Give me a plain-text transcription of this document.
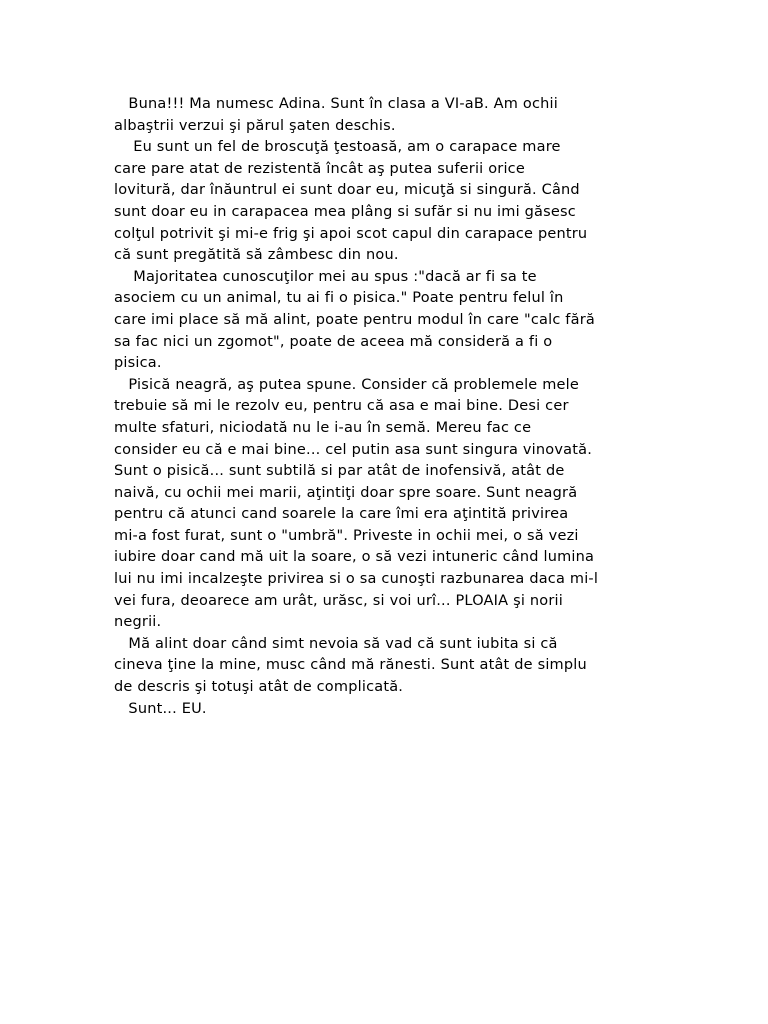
Buna!!! Ma numesc Adina. Sunt în clasa a VI-aB. Am ochii
albaştrii verzui şi părul şaten deschis.
Eu sunt un fel de broscuţă ţestoasă, am o carapace mare
care pare atat de rezistentă încât aş putea suferii orice
lovitură, dar înăuntrul ei sunt doar eu, micuţă si singură. Când
sunt doar eu in carapacea mea plâng si sufăr si nu imi găsesc
colţul potrivit şi mi-e frig şi apoi scot capul din carapace pentru
că sunt pregătită să zâmbesc din nou.
Majoritatea cunoscuţilor mei au spus :"dacă ar fi sa te
asociem cu un animal, tu ai fi o pisica." Poate pentru felul în
care imi place să mă alint, poate pentru modul în care "calc fără
sa fac nici un zgomot", poate de aceea mă consideră a fi o
pisica.
Pisică neagră, aş putea spune. Consider că problemele mele
trebuie să mi le rezolv eu, pentru că asa e mai bine. Desi cer
multe sfaturi, niciodată nu le i-au în semă. Mereu fac ce
consider eu că e mai bine... cel putin asa sunt singura vinovată.
Sunt o pisică... sunt subtilă si par atât de inofensivă, atât de
naivă, cu ochii mei marii, aţintiţi doar spre soare. Sunt neagră
pentru că atunci cand soarele la care îmi era aţintită privirea
mi-a fost furat, sunt o "umbră". Priveste in ochii mei, o să vezi
iubire doar cand mă uit la soare, o să vezi intuneric când lumina
lui nu imi incalzeşte privirea si o sa cunoşti razbunarea daca mi-l
vei fura, deoarece am urât, urăsc, si voi urî... PLOAIA şi norii
negrii.
Mă alint doar când simt nevoia să vad că sunt iubita si că
cineva ţine la mine, musc când mă rănesti. Sunt atât de simplu
de descris şi totuşi atât de complicată.
Sunt... EU.
